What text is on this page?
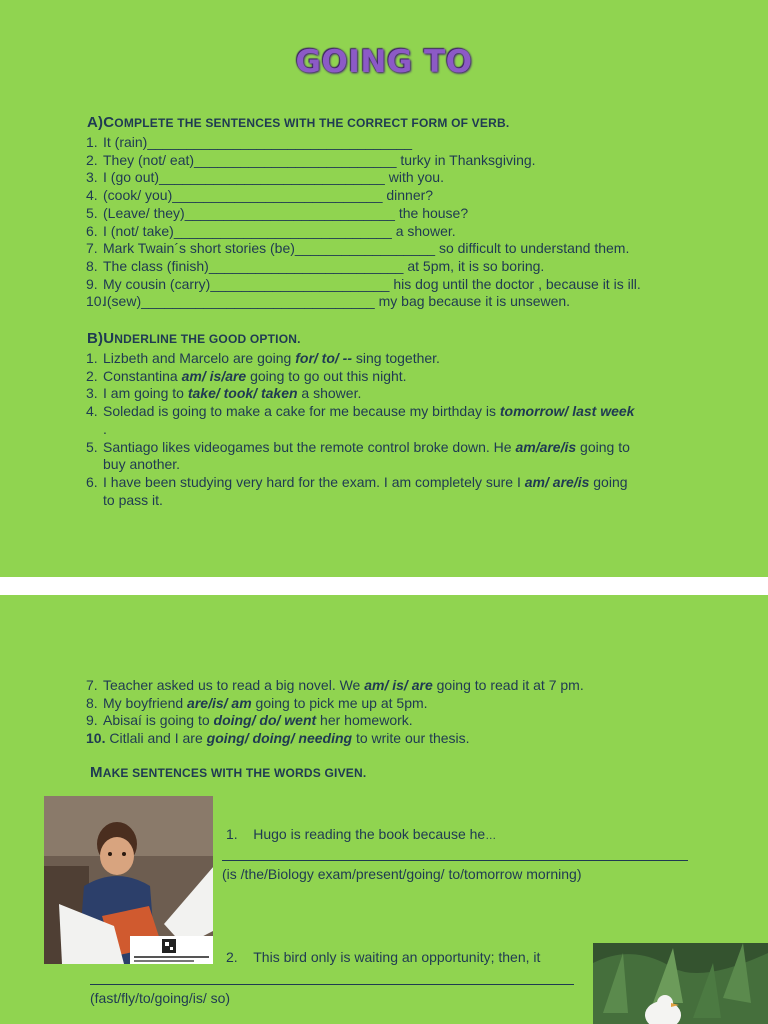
GOING TO
A)COMPLETE THE SENTENCES WITH THE CORRECT FORM OF VERB.
1. It (rain)__________________________________
2. They (not/ eat)__________________________ turky in Thanksgiving.
3. I (go out)_____________________________ with you.
4. (cook/ you)___________________________ dinner?
5. (Leave/ they)___________________________ the house?
6. I (not/ take)____________________________ a shower.
7. Mark Twain´s short stories (be)__________________ so difficult to understand them.
8. The class (finish)_________________________ at 5pm, it is so boring.
9. My cousin (carry)_______________________ his dog until the doctor , because it is ill.
10.
I(sew)______________________________ my bag because it is unsewen.
B)UNDERLINE THE GOOD OPTION.
1. Lizbeth and Marcelo are going for/ to/ -- sing together.
2. Constantina am/ is/are going to go out this night.
3. I am going to take/ took/ taken a shower.
4. Soledad is going to make a cake for me because my birthday is tomorrow/ last week
.
5. Santiago likes videogames but the remote control broke down. He am/are/is going to
buy another.
6. I have been studying very hard for the exam. I am completely sure I am/ are/is going
to pass it.
7. Teacher asked us to read a big novel. We am/ is/ are going to read it at 7 pm.
8. My boyfriend are/is/ am going to pick me up at 5pm.
9. Abisaí is going to doing/ do/ went her homework.
10. Citlali and I are going/ doing/ needing to write our thesis.
MAKE SENTENCES WITH THE WORDS GIVEN.
1. Hugo is reading the book because he…
(is /the/Biology exam/present/going/ to/tomorrow morning)
2. This bird only is waiting an opportunity; then, it
(fast/fly/to/going/is/ so)
